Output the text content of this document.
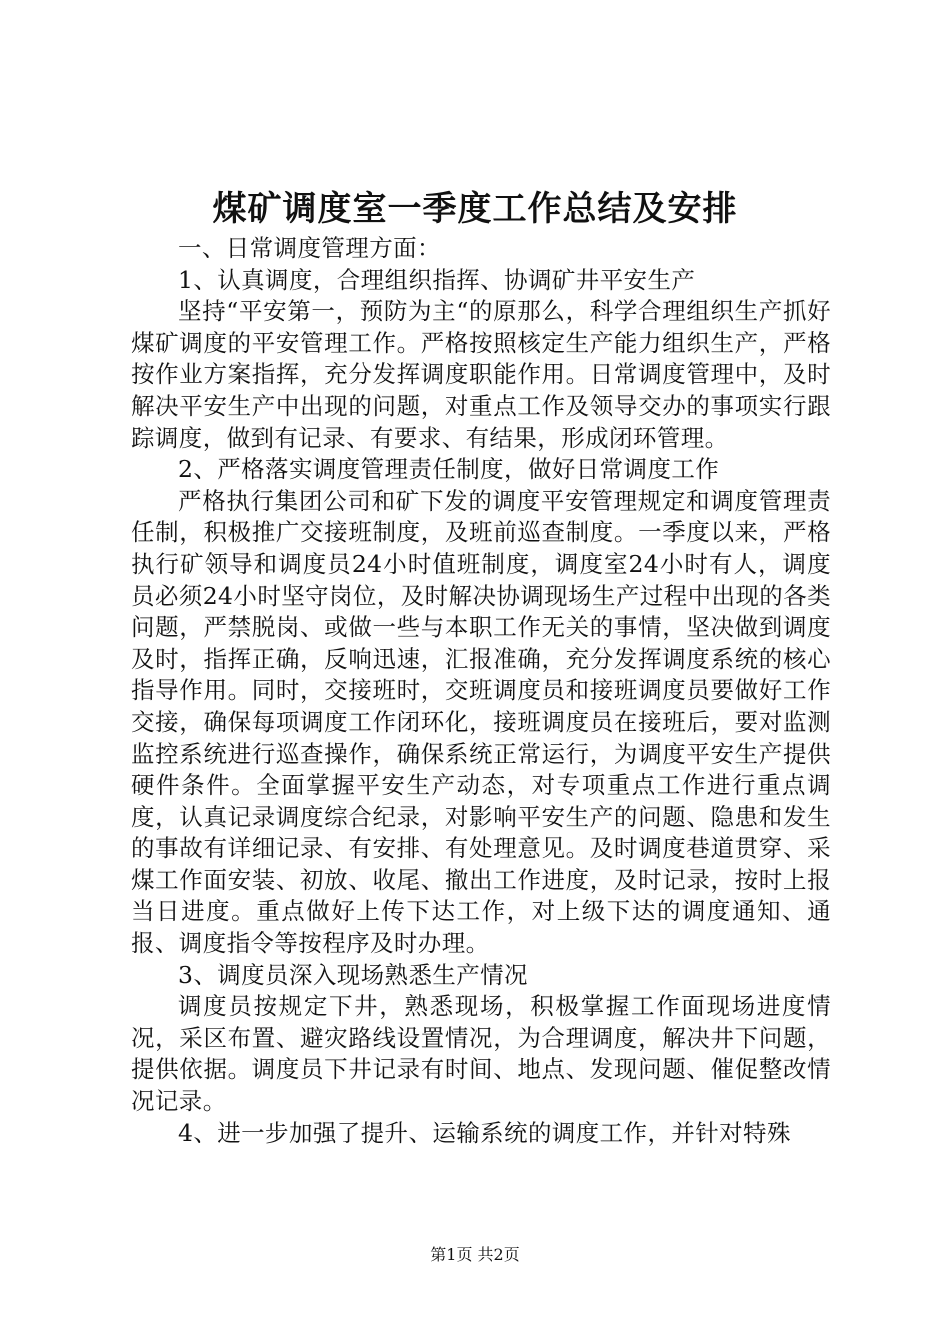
煤矿调度室一季度工作总结及安排

一、日常调度管理方面：

1、认真调度，合理组织指挥、协调矿井平安生产

坚持“平安第一，预防为主“的原那么，科学合理组织生产抓好煤矿调度的平安管理工作。严格按照核定生产能力组织生产，严格按作业方案指挥，充分发挥调度职能作用。日常调度管理中，及时解决平安生产中出现的问题，对重点工作及领导交办的事项实行跟踪调度，做到有记录、有要求、有结果，形成闭环管理。

2、严格落实调度管理责任制度，做好日常调度工作

严格执行集团公司和矿下发的调度平安管理规定和调度管理责任制，积极推广交接班制度，及班前巡查制度。一季度以来，严格执行矿领导和调度员24小时值班制度，调度室24小时有人，调度员必须24小时坚守岗位，及时解决协调现场生产过程中出现的各类问题，严禁脱岗、或做一些与本职工作无关的事情，坚决做到调度及时，指挥正确，反响迅速，汇报准确，充分发挥调度系统的核心指导作用。同时，交接班时，交班调度员和接班调度员要做好工作交接，确保每项调度工作闭环化，接班调度员在接班后，要对监测监控系统进行巡查操作，确保系统正常运行，为调度平安生产提供硬件条件。全面掌握平安生产动态，对专项重点工作进行重点调度，认真记录调度综合纪录，对影响平安生产的问题、隐患和发生的事故有详细记录、有安排、有处理意见。及时调度巷道贯穿、采煤工作面安装、初放、收尾、撤出工作进度，及时记录，按时上报当日进度。重点做好上传下达工作，对上级下达的调度通知、通报、调度指令等按程序及时办理。

3、调度员深入现场熟悉生产情况

调度员按规定下井，熟悉现场，积极掌握工作面现场进度情况，采区布置、避灾路线设置情况，为合理调度，解决井下问题，提供依据。调度员下井记录有时间、地点、发现问题、催促整改情况记录。

4、进一步加强了提升、运输系统的调度工作，并针对特殊

第1页 共2页
